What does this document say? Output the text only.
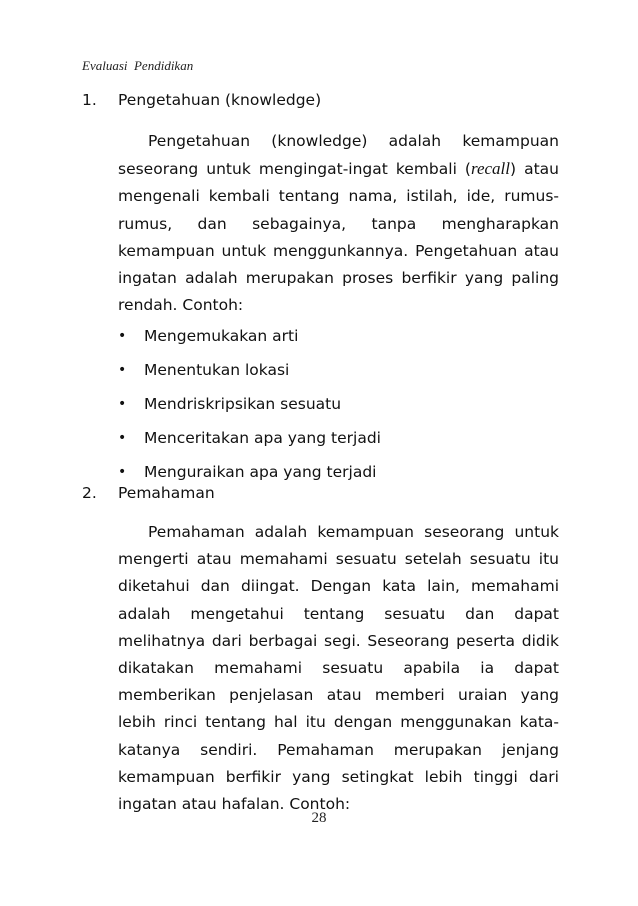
Evaluasi  Pendidikan
1.	Pengetahuan (knowledge)

Pengetahuan (knowledge) adalah kemampuan seseorang untuk mengingat-ingat kembali (recall) atau mengenali kembali tentang nama, istilah, ide, rumus-rumus, dan sebagainya, tanpa mengharapkan kemampuan untuk menggunkannya. Pengetahuan atau ingatan adalah merupakan proses berfikir yang paling rendah. Contoh:

•	Mengemukakan arti
•	Menentukan lokasi
•	Mendriskripsikan sesuatu
•	Menceritakan apa yang terjadi
•	Menguraikan apa yang terjadi
2.	Pemahaman

Pemahaman adalah kemampuan seseorang untuk mengerti atau memahami sesuatu setelah sesuatu itu diketahui dan diingat. Dengan kata lain, memahami adalah mengetahui tentang sesuatu dan dapat melihatnya dari berbagai segi. Seseorang peserta didik dikatakan memahami sesuatu apabila ia dapat memberikan penjelasan atau memberi uraian yang lebih rinci tentang hal itu dengan menggunakan kata-katanya sendiri. Pemahaman merupakan jenjang kemampuan berfikir yang setingkat lebih tinggi dari ingatan atau hafalan. Contoh:

28
